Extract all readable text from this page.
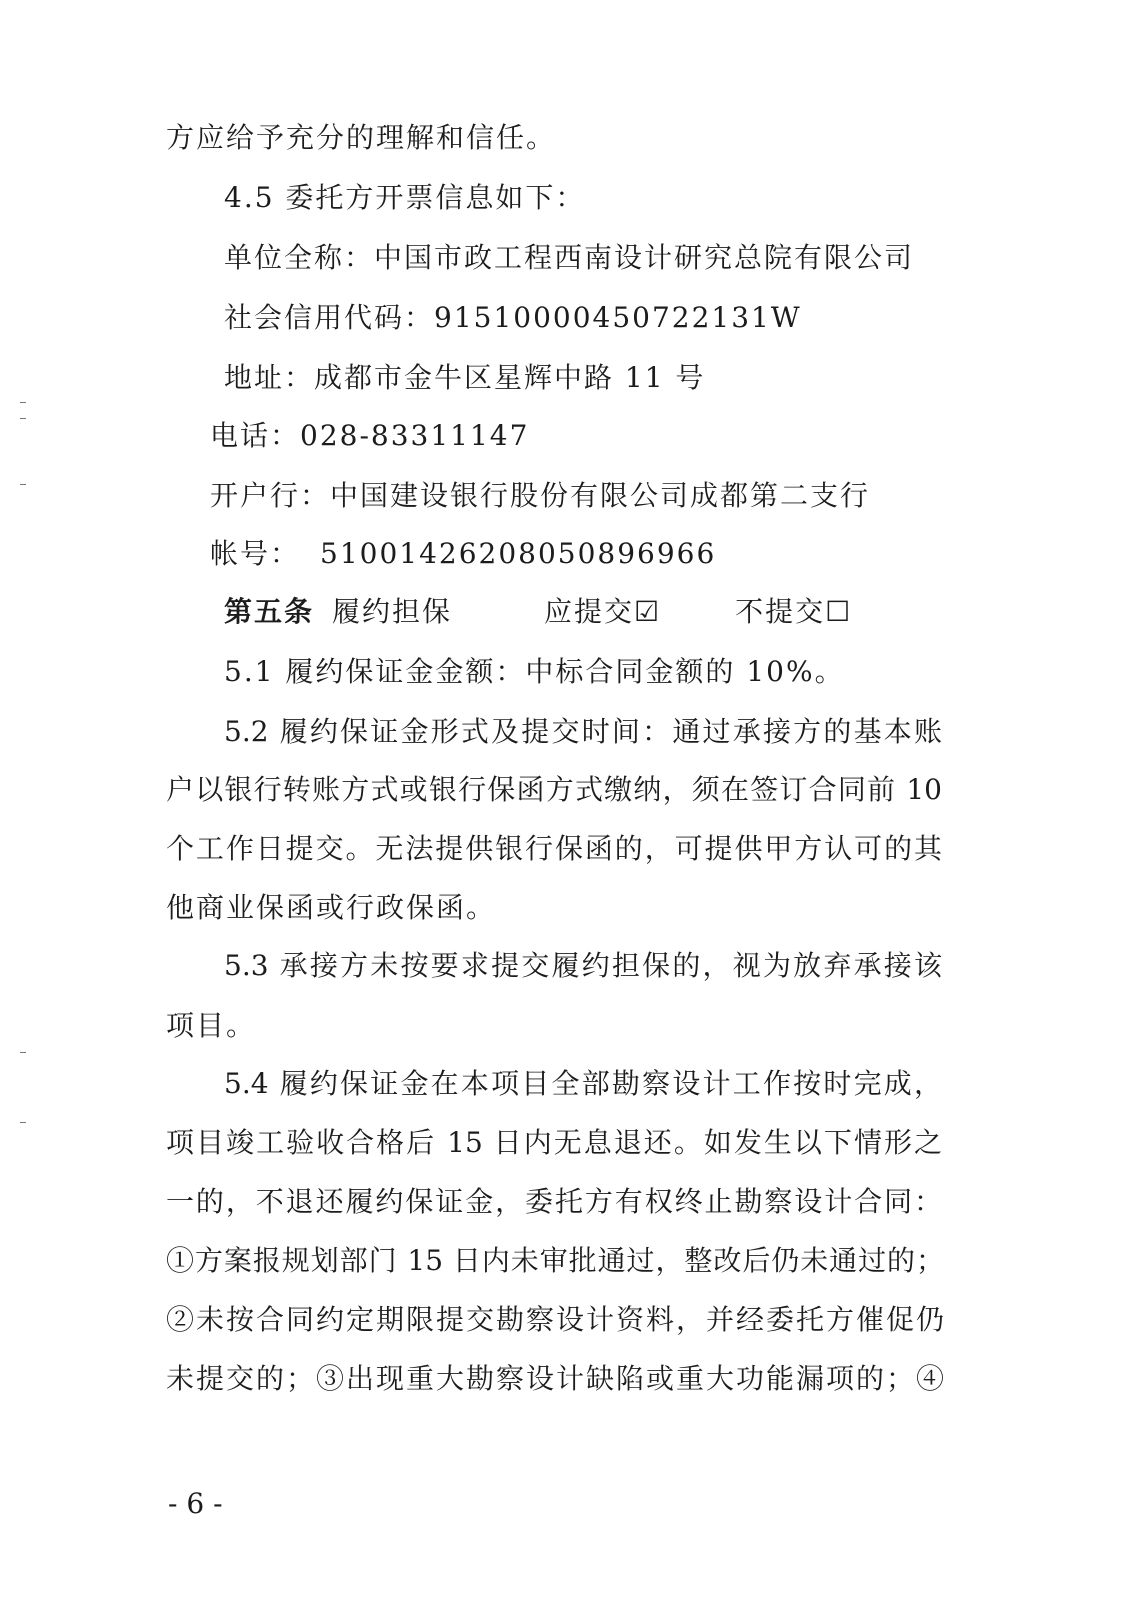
方应给予充分的理解和信任。
4.5 委托方开票信息如下：
单位全称：中国市政工程西南设计研究总院有限公司
社会信用代码：91510000450722131W
地址：成都市金牛区星辉中路 11 号
电话：028-83311147
开户行：中国建设银行股份有限公司成都第二支行
帐号： 51001426208050896966
第五条 履约担保	应提交☑	不提交☐
5.1 履约保证金金额：中标合同金额的 10%。
5.2 履约保证金形式及提交时间：通过承接方的基本账
户以银行转账方式或银行保函方式缴纳，须在签订合同前 10
个工作日提交。无法提供银行保函的，可提供甲方认可的其
他商业保函或行政保函。
5.3 承接方未按要求提交履约担保的，视为放弃承接该
项目。
5.4 履约保证金在本项目全部勘察设计工作按时完成，
项目竣工验收合格后 15 日内无息退还。如发生以下情形之
一的，不退还履约保证金，委托方有权终止勘察设计合同：
①方案报规划部门 15 日内未审批通过，整改后仍未通过的；
②未按合同约定期限提交勘察设计资料，并经委托方催促仍
未提交的；③出现重大勘察设计缺陷或重大功能漏项的；④
- 6 -
